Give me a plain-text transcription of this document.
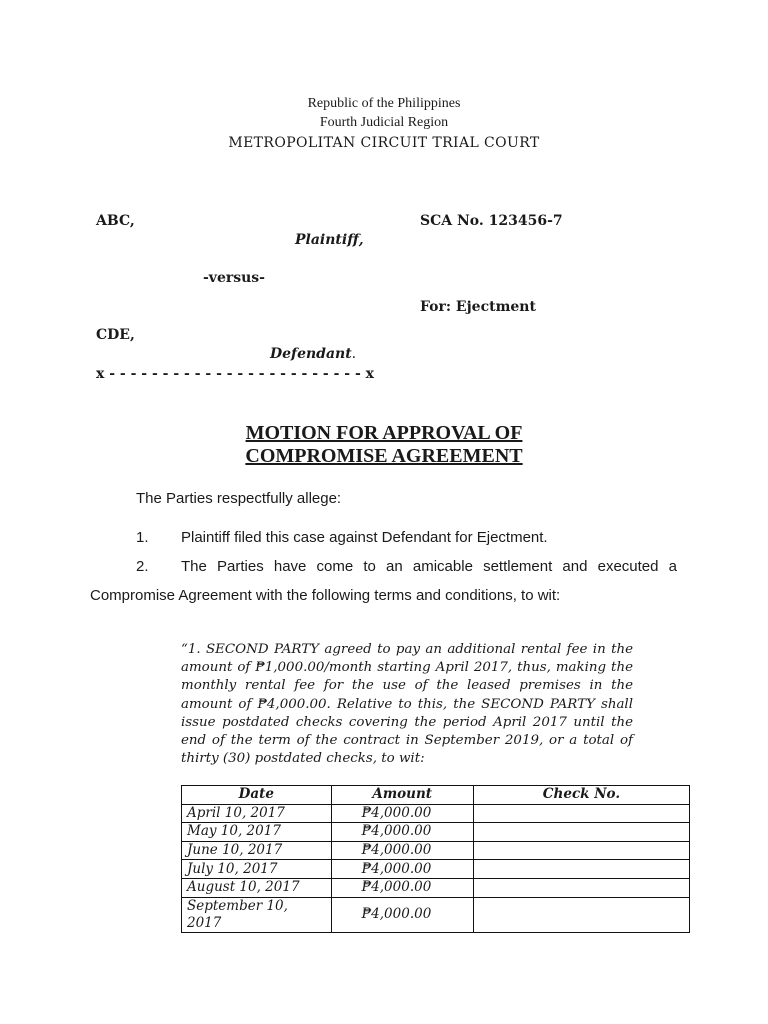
Republic of the Philippines
Fourth Judicial Region
METROPOLITAN CIRCUIT TRIAL COURT
ABC,
Plaintiff,
SCA No. 123456-7
-versus-
For: Ejectment
CDE,
Defendant.
x - - - - - - - - - - - - - - - - - - - - - - - - x
MOTION FOR APPROVAL OF
COMPROMISE AGREEMENT
The Parties respectfully allege:
1. Plaintiff filed this case against Defendant for Ejectment.
2. The Parties have come to an amicable settlement and executed a
Compromise Agreement with the following terms and conditions, to wit:
“1. SECOND PARTY agreed to pay an additional rental fee in the amount of ₱1,000.00/month starting April 2017, thus, making the monthly rental fee for the use of the leased premises in the amount of ₱4,000.00. Relative to this, the SECOND PARTY shall issue postdated checks covering the period April 2017 until the end of the term of the contract in September 2019, or a total of thirty (30) postdated checks, to wit:
Date	Amount	Check No.
April 10, 2017	₱4,000.00	
May 10, 2017	₱4,000.00	
June 10, 2017	₱4,000.00	
July 10, 2017	₱4,000.00	
August 10, 2017	₱4,000.00	
September 10, 2017	₱4,000.00	
